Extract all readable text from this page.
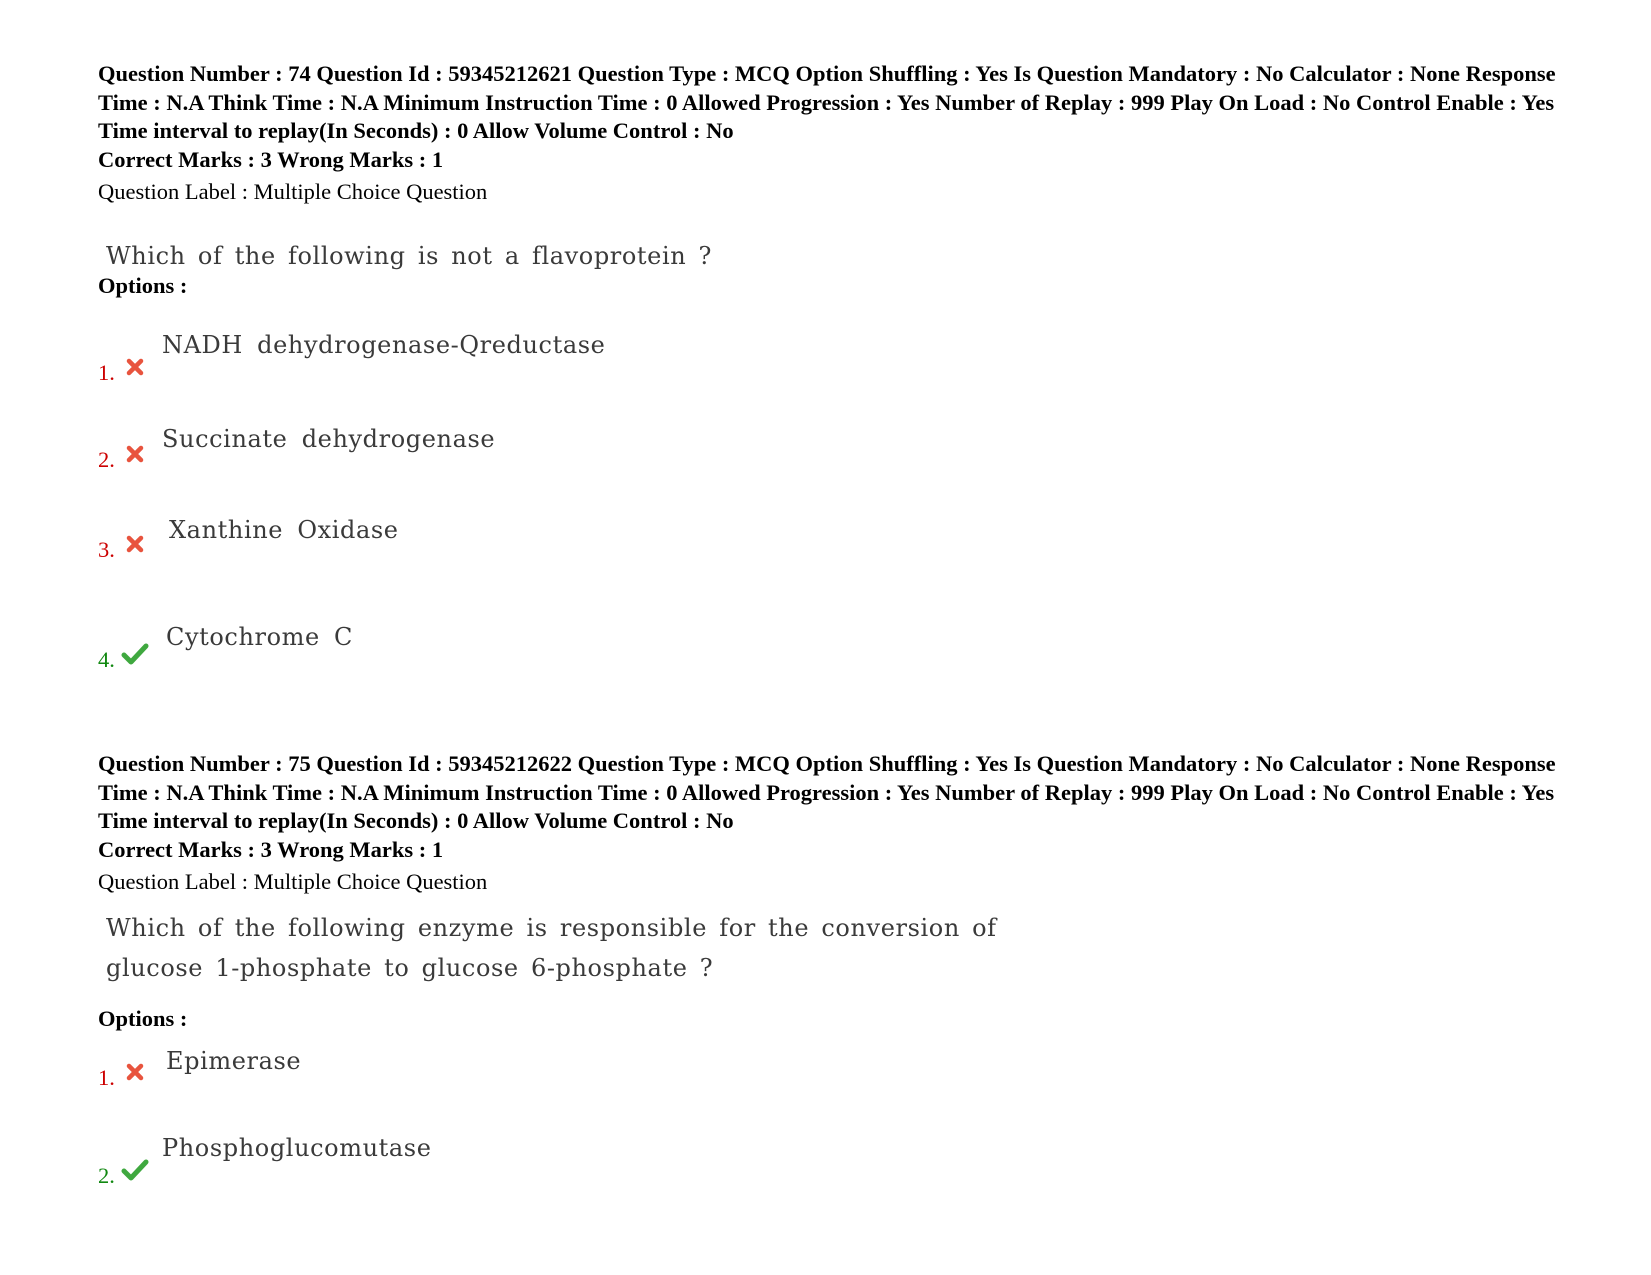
Question Number : 74 Question Id : 59345212621 Question Type : MCQ Option Shuffling : Yes Is Question Mandatory : No Calculator : None Response Time : N.A Think Time : N.A Minimum Instruction Time : 0 Allowed Progression : Yes Number of Replay : 999 Play On Load : No Control Enable : Yes Time interval to replay(In Seconds) : 0 Allow Volume Control : No
Correct Marks : 3 Wrong Marks : 1
Question Label : Multiple Choice Question
Which of the following is not a flavoprotein ?
Options :
1.
NADH dehydrogenase-Qreductase
2.
Succinate dehydrogenase
3.
Xanthine Oxidase
4.
Cytochrome C
Question Number : 75 Question Id : 59345212622 Question Type : MCQ Option Shuffling : Yes Is Question Mandatory : No Calculator : None Response Time : N.A Think Time : N.A Minimum Instruction Time : 0 Allowed Progression : Yes Number of Replay : 999 Play On Load : No Control Enable : Yes Time interval to replay(In Seconds) : 0 Allow Volume Control : No
Correct Marks : 3 Wrong Marks : 1
Question Label : Multiple Choice Question
Which of the following enzyme is responsible for the conversion of
glucose 1-phosphate to glucose 6-phosphate ?
Options :
1.
Epimerase
2.
Phosphoglucomutase
